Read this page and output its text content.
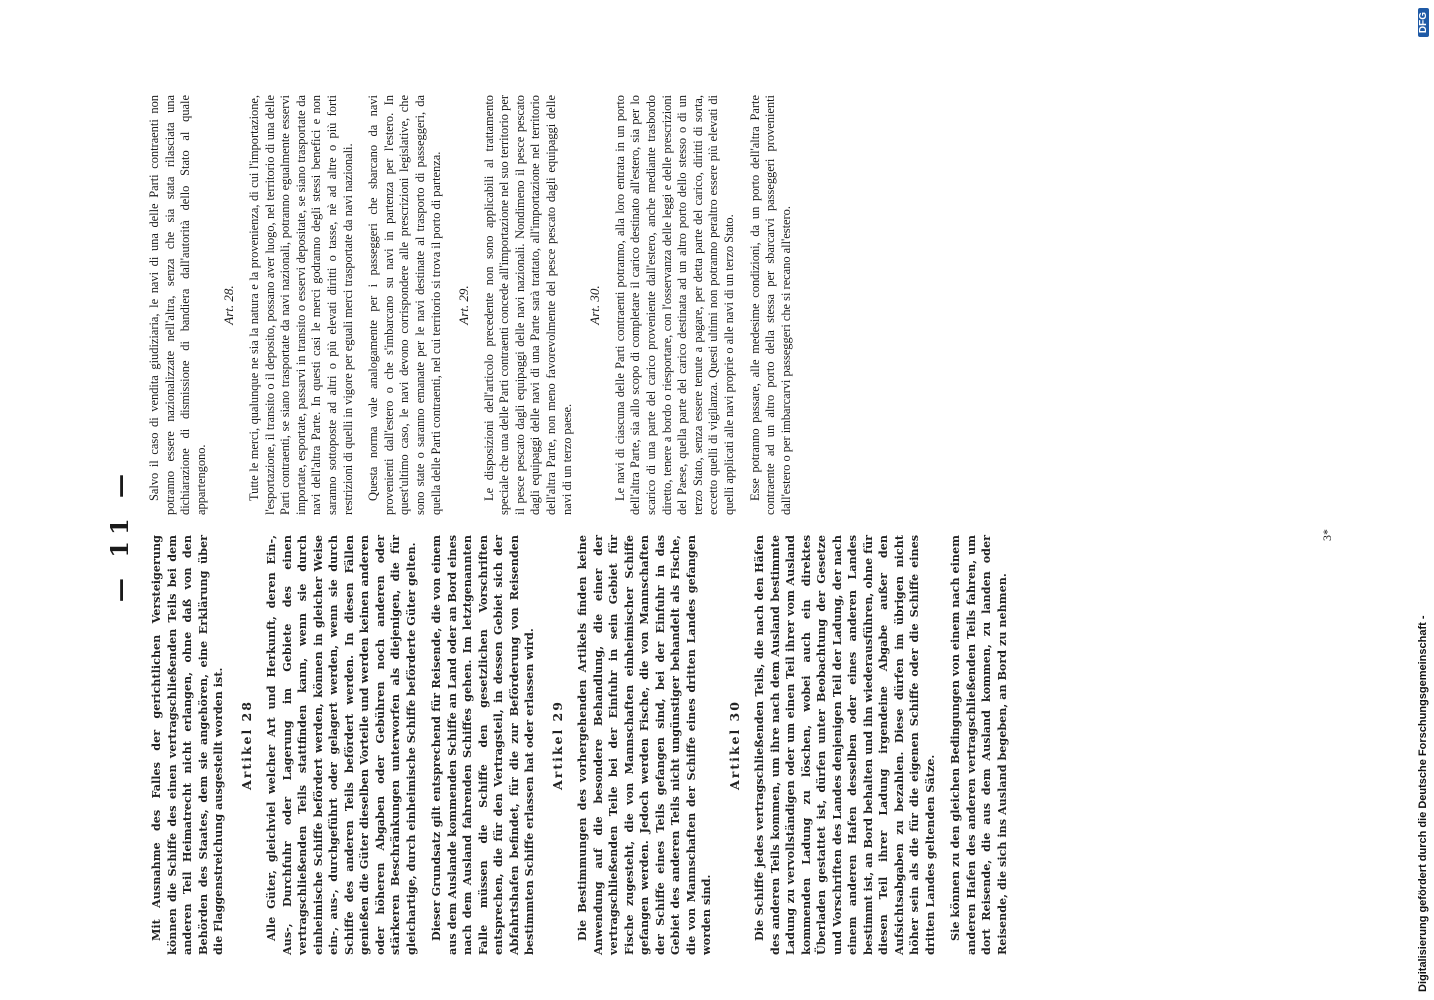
— 11 — Mit Ausnahme des Falles der gerichtlichen Versteigerung können die Schiffe des einen vertragschließenden Teils bei dem anderen Teil Heimatrecht nicht erlangen, ohne daß von den Behörden des Staates, dem sie angehören, eine Erklärung über die Flaggenstreichung ausgestellt worden ist. Artikel 28 Alle Güter, gleichviel welcher Art und Herkunft, deren Ein-, Aus-, Durchfuhr oder Lagerung im Gebiete des einen vertragschließenden Teils stattfinden kann, wenn sie durch einheimische Schiffe befördert werden, können in gleicher Weise ein-, aus-, durchgeführt oder gelagert werden, wenn sie durch Schiffe des anderen Teils befördert werden. In diesen Fällen genießen die Güter dieselben Vorteile und werden keinen anderen oder höheren Abgaben oder Gebühren noch anderen oder stärkeren Beschränkungen unterworfen als diejenigen, die für gleichartige, durch einheimische Schiffe beförderte Güter gelten. Dieser Grundsatz gilt entsprechend für Reisende, die von einem aus dem Auslande kommenden Schiffe an Land oder an Bord eines nach dem Ausland fahrenden Schiffes gehen. Im letztgenannten Falle müssen die Schiffe den gesetzlichen Vorschriften entsprechen, die für den Vertragsteil, in dessen Gebiet sich der Abfahrtshafen befindet, für die zur Beförderung von Reisenden bestimmten Schiffe erlassen hat oder erlassen wird. Artikel 29 Die Bestimmungen des vorhergehenden Artikels finden keine Anwendung auf die besondere Behandlung, die einer der vertragschließenden Teile bei der Einfuhr in sein Gebiet für Fische zugesteht, die von Mannschaften einheimischer Schiffe gefangen werden. Jedoch werden Fische, die von Mannschaften der Schiffe eines Teils gefangen sind, bei der Einfuhr in das Gebiet des anderen Teils nicht ungünstiger behandelt als Fische, die von Mannschaften der Schiffe eines dritten Landes gefangen worden sind.

Artikel 30 Die Schiffe jedes vertragschließenden Teils, die nach den Häfen des anderen Teils kommen, um ihre nach dem Ausland bestimmte Ladung zu vervollständigen oder um einen Teil ihrer vom Ausland kommenden Ladung zu löschen, wobei auch ein direktes Überladen gestattet ist, dürfen unter Beobachtung der Gesetze und Vorschriften des Landes denjenigen Teil der Ladung, der nach einem anderen Hafen desselben oder eines anderen Landes bestimmt ist, an Bord behalten und ihn wiederausführen, ohne für diesen Teil ihrer Ladung irgendeine Abgabe außer den Aufsichtsabgaben zu bezahlen. Diese dürfen im übrigen nicht höher sein als die für die eigenen Schiffe oder die Schiffe eines dritten Landes geltenden Sätze. Sie können zu den gleichen Bedingungen von einem nach einem anderen Hafen des anderen vertragschließenden Teils fahren, um dort Reisende, die aus dem Ausland kommen, zu landen oder Reisende, die sich ins Ausland begeben, an Bord zu nehmen.

Salvo il caso di vendita giudiziaria, le navi di una delle Parti contraenti non potranno essere nazionalizzate nell'altra, senza che sia stata rilasciata una dichiarazione di dismissione di bandiera dall'autorità dello Stato al quale appartengono.

Art. 28. Tutte le merci, qualunque ne sia la natura e la provenienza, di cui l'importazione, l'esportazione, il transito o il deposito, possano aver luogo, nel territorio di una delle Parti contraenti, se siano trasportate da navi nazionali, potranno egualmente esservi importate, esportate, passarvi in transito o esservi depositate, se siano trasportate da navi dell'altra Parte. In questi casi le merci godranno degli stessi benefici e non saranno sottoposte ad altri o più elevati diritti o tasse, nè ad altre o più forti restrizioni di quelli in vigore per eguali merci trasportate da navi nazionali. Questa norma vale analogamente per i passeggeri che sbarcano da navi provenienti dall'estero o che s'imbarcano su navi in partenza per l'estero. In quest'ultimo caso, le navi devono corrispondere alle prescrizioni legislative, che sono state o saranno emanate per le navi destinate al trasporto di passeggeri, da quella delle Parti contraenti, nel cui territorio si trova il porto di partenza. Art. 29. Le disposizioni dell'articolo precedente non sono applicabili al trattamento speciale che una delle Parti contraenti concede all'importazione nel suo territorio per il pesce pescato dagli equipaggi delle navi nazionali. Nondimeno il pesce pescato dagli equipaggi delle navi di una Parte sarà trattato, all'importazione nel territorio dell'altra Parte, non meno favorevolmente del pesce pescato dagli equipaggi delle navi di un terzo paese.

Art. 30. Le navi di ciascuna delle Parti contraenti potranno, alla loro entrata in un porto dell'altra Parte, sia allo scopo di completare il carico destinato all'estero, sia per lo scarico di una parte del carico proveniente dall'estero, anche mediante trasbordo diretto, tenere a bordo o riesportare, con l'osservanza delle leggi e delle prescrizioni del Paese, quella parte del carico destinata ad un altro porto dello stesso o di un terzo Stato, senza essere tenute a pagare, per detta parte del carico, diritti di sorta, eccetto quelli di vigilanza. Questi ultimi non potranno peraltro essere più elevati di quelli applicati alle navi proprie o alle navi di un terzo Stato. Esse potranno passare, alle medesime condizioni, da un porto dell'altra Parte contraente ad un altro porto della stessa per sbarcarvi passeggeri provenienti dall'estero o per imbarcarvi passeggeri che si recano all'estero.

3*
Digitalisierung gefördert durch die Deutsche Forschungsgemeinschaft -
DFG
